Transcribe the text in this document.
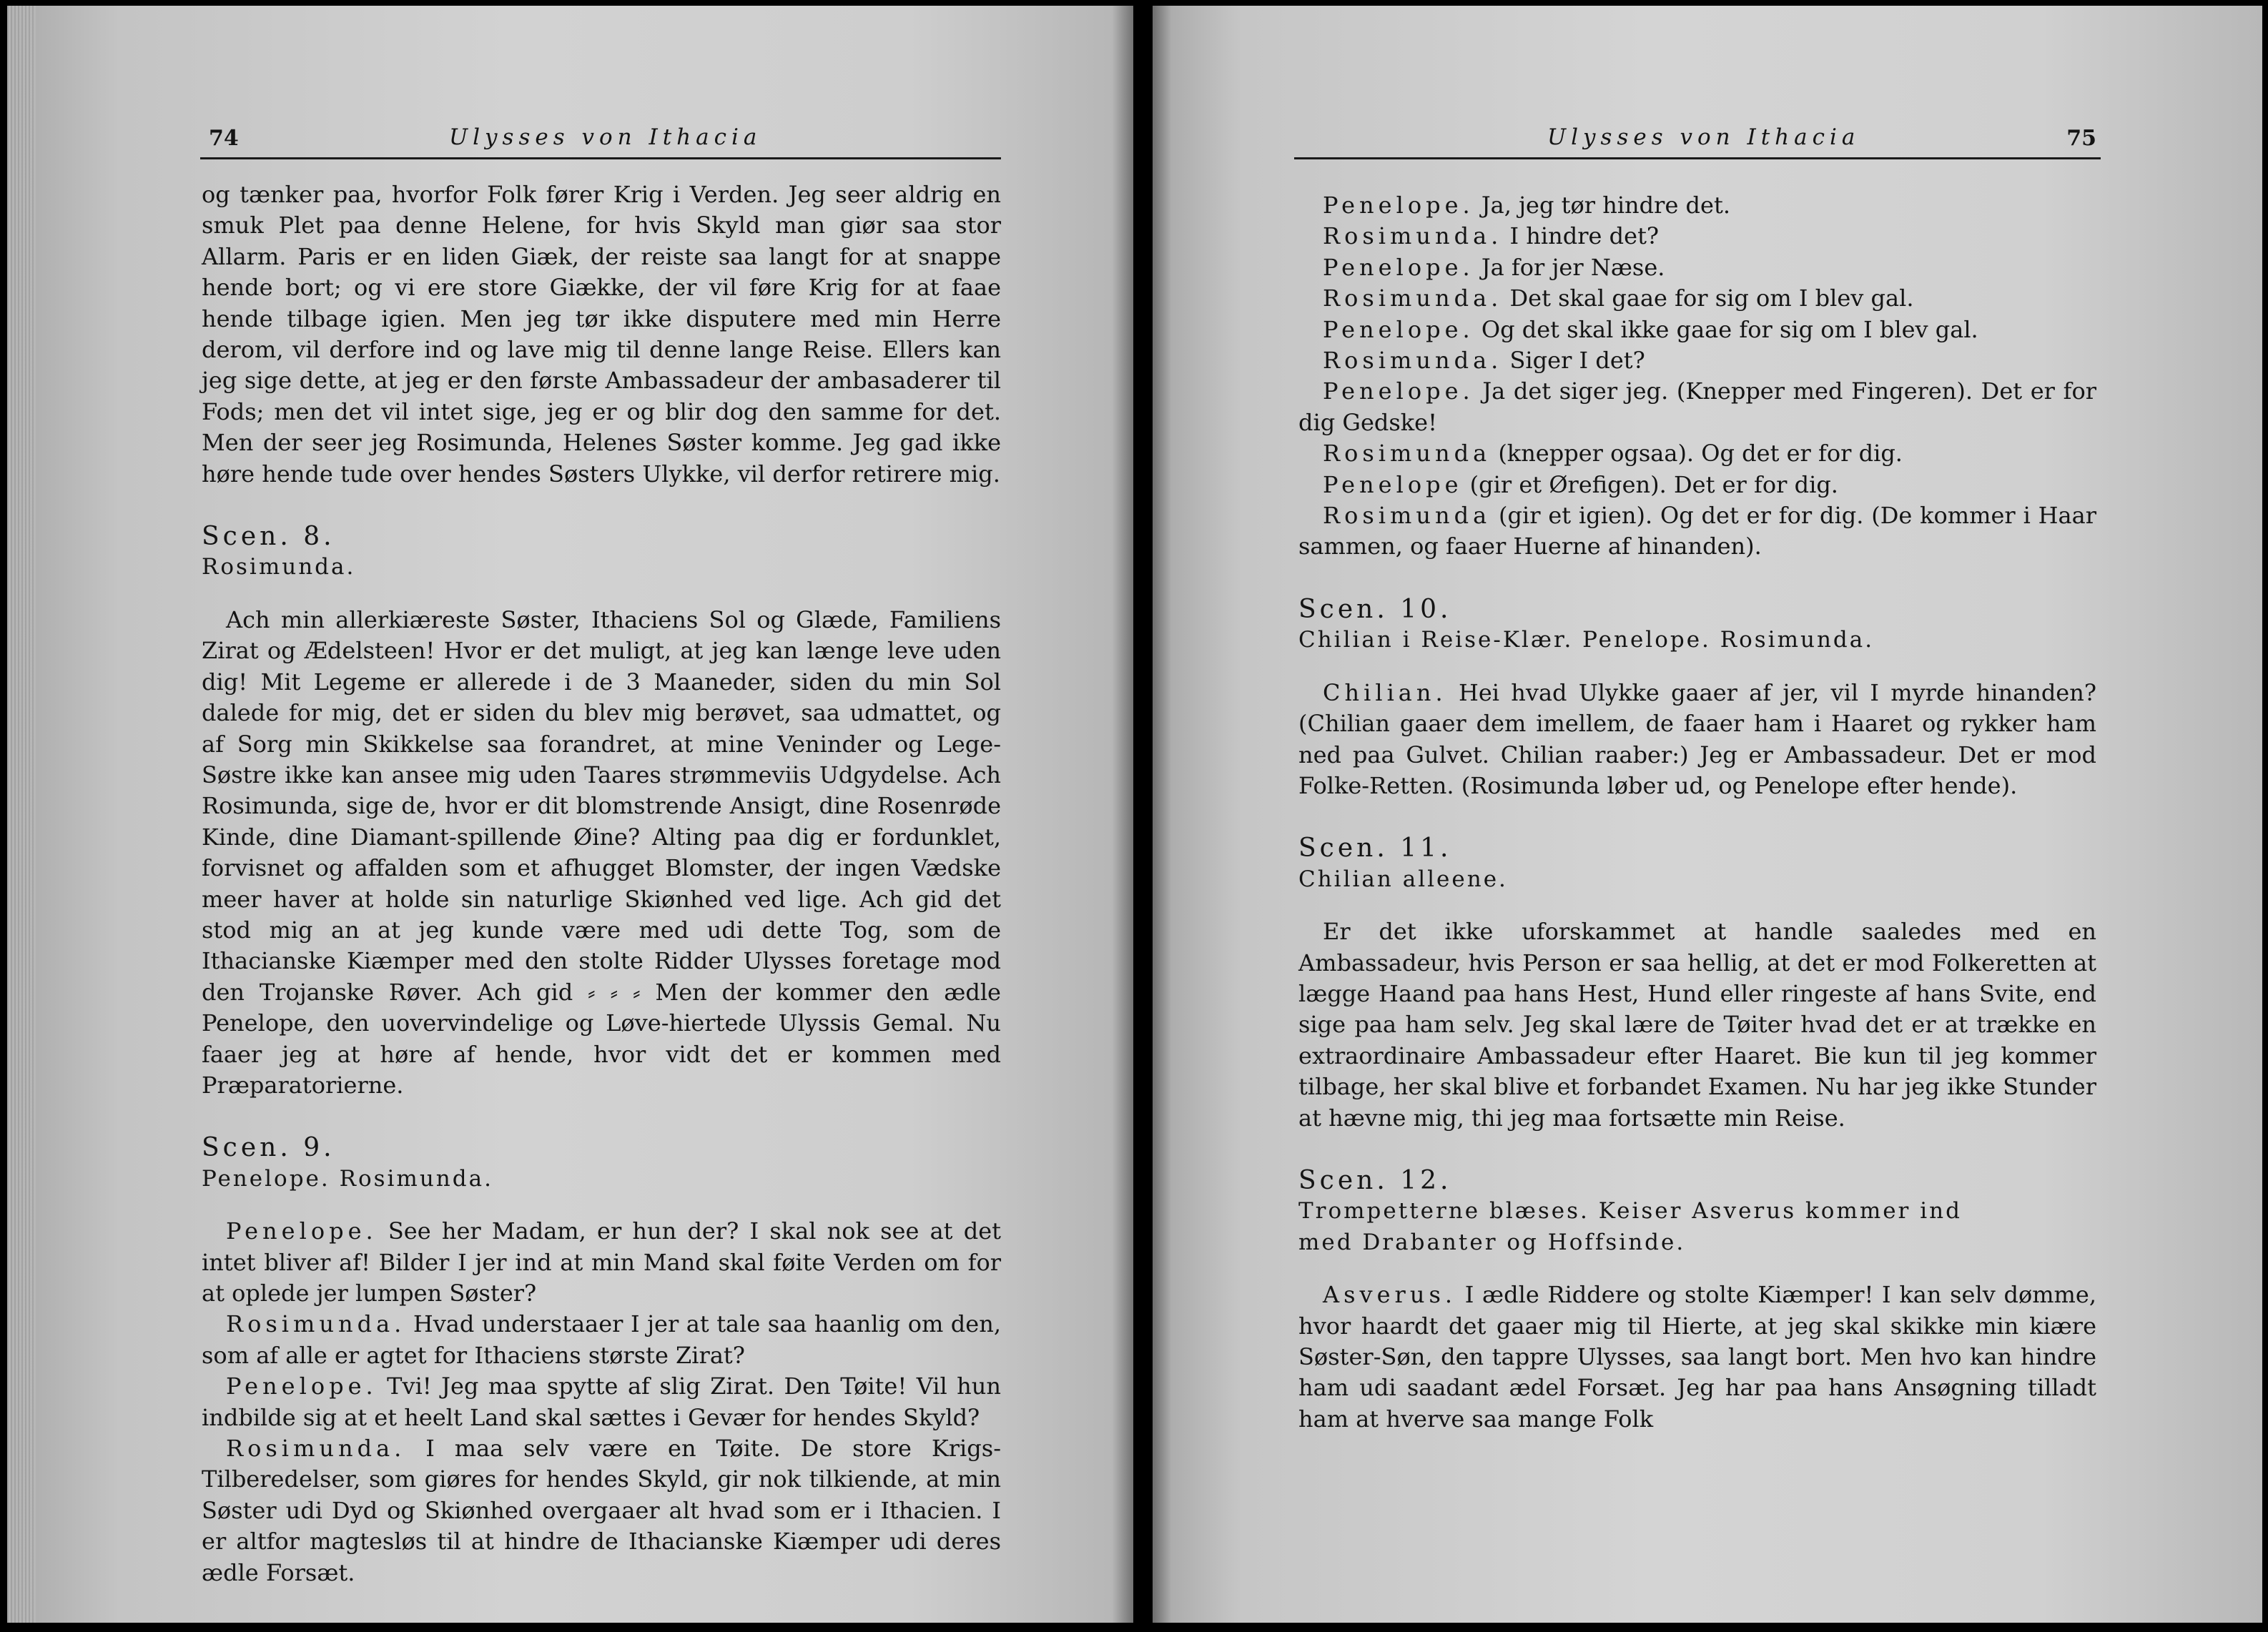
74	Ulysses von Ithacia

og tænker paa, hvorfor Folk fører Krig i Verden. Jeg seer aldrig en smuk Plet paa denne Helene, for hvis Skyld man giør saa stor Allarm. Paris er en liden Giæk, der reiste saa langt for at snappe hende bort; og vi ere store Giække, der vil føre Krig for at faae hende tilbage igien. Men jeg tør ikke disputere med min Herre derom, vil derfore ind og lave mig til denne lange Reise. Ellers kan jeg sige dette, at jeg er den første Ambassadeur der ambasaderer til Fods; men det vil intet sige, jeg er og blir dog den samme for det. Men der seer jeg Rosimunda, Helenes Søster komme. Jeg gad ikke høre hende tude over hendes Søsters Ulykke, vil derfor retirere mig.

Scen. 8.

Rosimunda.

Ach min allerkiæreste Søster, Ithaciens Sol og Glæde, Familiens Zirat og Ædelsteen! Hvor er det muligt, at jeg kan længe leve uden dig! Mit Legeme er allerede i de 3 Maaneder, siden du min Sol dalede for mig, det er siden du blev mig berøvet, saa udmattet, og af Sorg min Skikkelse saa forandret, at mine Veninder og Lege-Søstre ikke kan ansee mig uden Taares strømmeviis Udgydelse. Ach Rosimunda, sige de, hvor er dit blomstrende Ansigt, dine Rosenrøde Kinde, dine Diamant-spillende Øine? Alting paa dig er fordunklet, forvisnet og affalden som et afhugget Blomster, der ingen Vædske meer haver at holde sin naturlige Skiønhed ved lige. Ach gid det stod mig an at jeg kunde være med udi dette Tog, som de Ithacianske Kiæmper med den stolte Ridder Ulysses foretage mod den Trojanske Røver. Ach gid ⸗ ⸗ ⸗ Men der kommer den ædle Penelope, den uovervindelige og Løve-hiertede Ulyssis Gemal. Nu faaer jeg at høre af hende, hvor vidt det er kommen med Præparatorierne.

Scen. 9.

Penelope. Rosimunda.

Penelope. See her Madam, er hun der? I skal nok see at det intet bliver af! Bilder I jer ind at min Mand skal føite Verden om for at oplede jer lumpen Søster?

Rosimunda. Hvad understaaer I jer at tale saa haanlig om den, som af alle er agtet for Ithaciens største Zirat?

Penelope. Tvi! Jeg maa spytte af slig Zirat. Den Tøite! Vil hun indbilde sig at et heelt Land skal sættes i Gevær for hendes Skyld?

Rosimunda. I maa selv være en Tøite. De store Krigs-Tilberedelser, som giøres for hendes Skyld, gir nok tilkiende, at min Søster udi Dyd og Skiønhed overgaaer alt hvad som er i Ithacien. I er altfor magtesløs til at hindre de Ithacianske Kiæmper udi deres ædle Forsæt.

Ulysses von Ithacia	75

Penelope. Ja, jeg tør hindre det.

Rosimunda. I hindre det?

Penelope. Ja for jer Næse.

Rosimunda. Det skal gaae for sig om I blev gal.

Penelope. Og det skal ikke gaae for sig om I blev gal.

Rosimunda. Siger I det?

Penelope. Ja det siger jeg. (Knepper med Fingeren). Det er for dig Gedske!

Rosimunda (knepper ogsaa). Og det er for dig.

Penelope (gir et Ørefigen). Det er for dig.

Rosimunda (gir et igien). Og det er for dig. (De kommer i Haar sammen, og faaer Huerne af hinanden).

Scen. 10.

Chilian i Reise-Klær. Penelope. Rosimunda.

Chilian. Hei hvad Ulykke gaaer af jer, vil I myrde hinanden? (Chilian gaaer dem imellem, de faaer ham i Haaret og rykker ham ned paa Gulvet. Chilian raaber:) Jeg er Ambassadeur. Det er mod Folke-Retten. (Rosimunda løber ud, og Penelope efter hende).

Scen. 11.

Chilian alleene.

Er det ikke uforskammet at handle saaledes med en Ambassadeur, hvis Person er saa hellig, at det er mod Folkeretten at lægge Haand paa hans Hest, Hund eller ringeste af hans Svite, end sige paa ham selv. Jeg skal lære de Tøiter hvad det er at trække en extraordinaire Ambassadeur efter Haaret. Bie kun til jeg kommer tilbage, her skal blive et forbandet Examen. Nu har jeg ikke Stunder at hævne mig, thi jeg maa fortsætte min Reise.

Scen. 12.

Trompetterne blæses. Keiser Asverus kommer ind

med Drabanter og Hoffsinde.

Asverus. I ædle Riddere og stolte Kiæmper! I kan selv dømme, hvor haardt det gaaer mig til Hierte, at jeg skal skikke min kiære Søster-Søn, den tappre Ulysses, saa langt bort. Men hvo kan hindre ham udi saadant ædel Forsæt. Jeg har paa hans Ansøgning tilladt ham at hverve saa mange Folk
